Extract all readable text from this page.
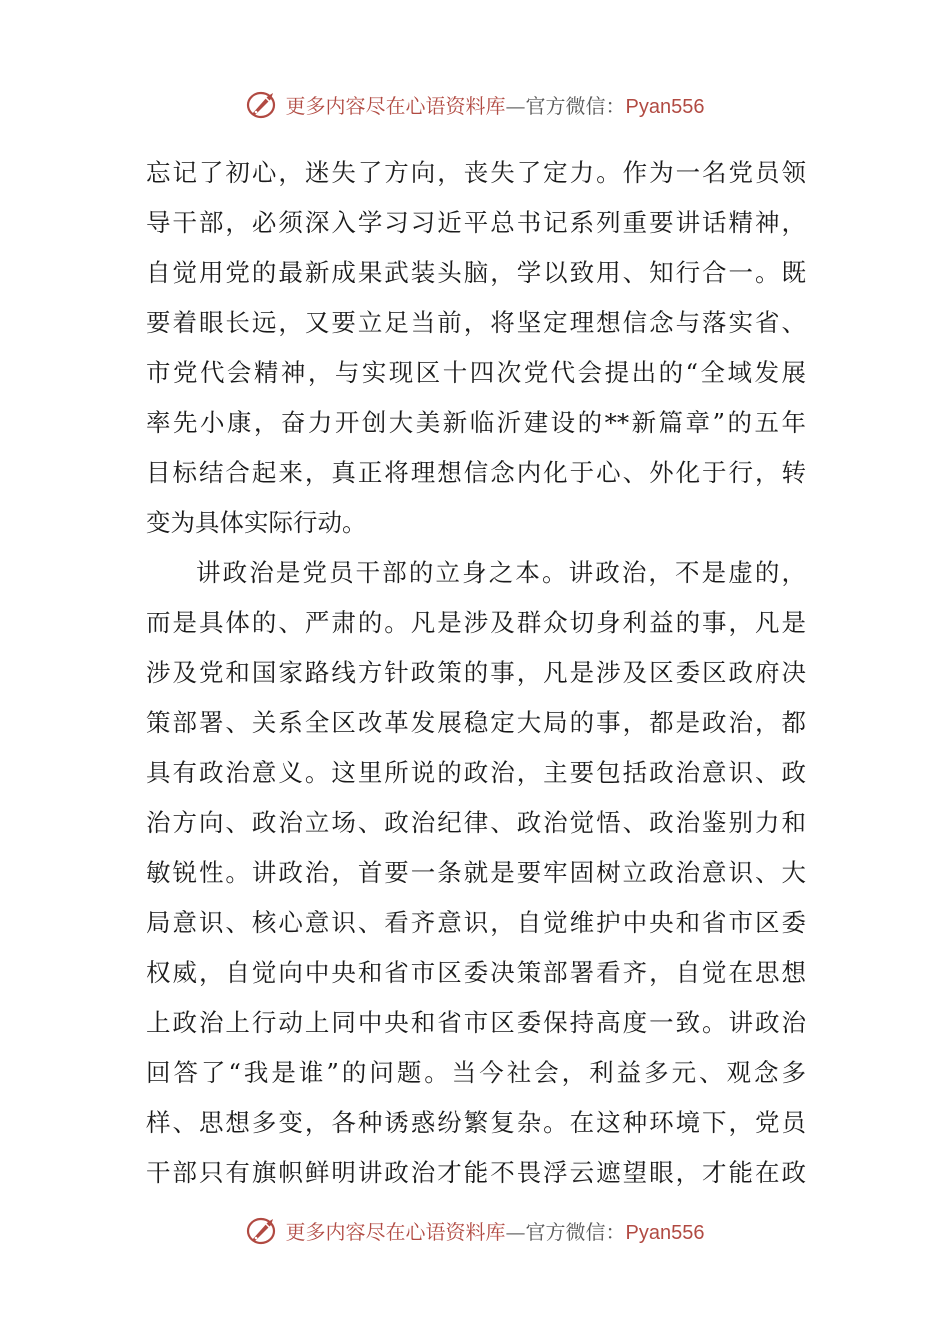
更多内容尽在心语资料库—官方微信：Pyan556
忘记了初心，迷失了方向，丧失了定力。作为一名党员领
导干部，必须深入学习习近平总书记系列重要讲话精神，
自觉用党的最新成果武装头脑，学以致用、知行合一。既
要着眼长远，又要立足当前，将坚定理想信念与落实省、
市党代会精神，与实现区十四次党代会提出的“全域发展
率先小康，奋力开创大美新临沂建设的**新篇章”的五年
目标结合起来，真正将理想信念内化于心、外化于行，转
变为具体实际行动。
讲政治是党员干部的立身之本。讲政治，不是虚的，
而是具体的、严肃的。凡是涉及群众切身利益的事，凡是
涉及党和国家路线方针政策的事，凡是涉及区委区政府决
策部署、关系全区改革发展稳定大局的事，都是政治，都
具有政治意义。这里所说的政治，主要包括政治意识、政
治方向、政治立场、政治纪律、政治觉悟、政治鉴别力和
敏锐性。讲政治，首要一条就是要牢固树立政治意识、大
局意识、核心意识、看齐意识，自觉维护中央和省市区委
权威，自觉向中央和省市区委决策部署看齐，自觉在思想
上政治上行动上同中央和省市区委保持高度一致。讲政治
回答了“我是谁”的问题。当今社会，利益多元、观念多
样、思想多变，各种诱惑纷繁复杂。在这种环境下，党员
干部只有旗帜鲜明讲政治才能不畏浮云遮望眼，才能在政
更多内容尽在心语资料库—官方微信：Pyan556
